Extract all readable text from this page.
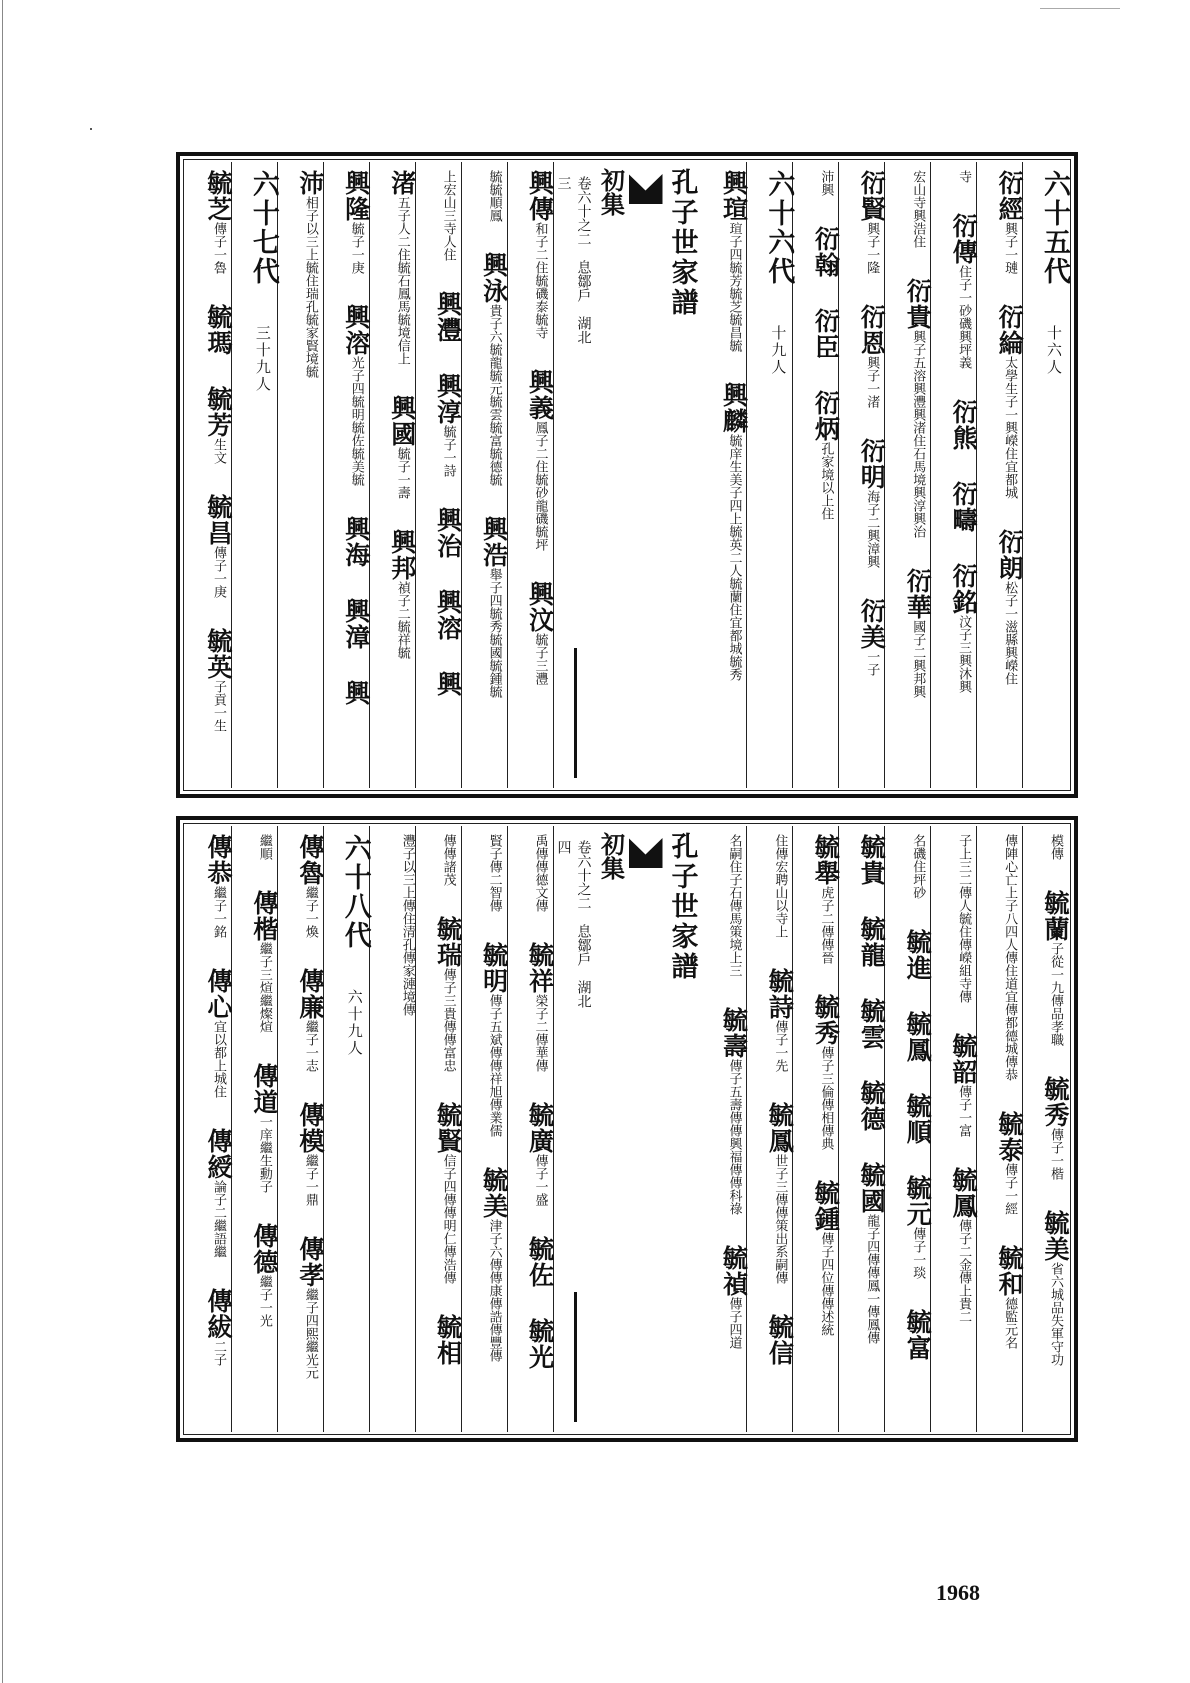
六十五代　十六人
衍經興子一璉　衍綸太學生子一興嶸住宜都城　衍朗松子一滋縣興嶸住　
寺　衍傳住子一砂磯興坪義　衍熊　衍疇　衍銘汶子三興沐興　
宏山寺興浩住　衍貴興子五溶興灃興渚住石馬境興淳興治　衍華國子二興邦興　
衍賢興子一隆　衍恩興子一渚　衍明海子二興漳興　衍美一子　
沛興　衍翰　衍臣　衍炳孔家境以上住　
六十六代　十九人
興瑄瑄子四毓芳毓芝毓昌毓　興麟毓庠生美子四上毓英二人毓蘭住宜都城毓秀　
孔子世家譜
初集
卷六十之二　息鄒戶　湖北
三
興傳和子二住毓磯泰毓寺　興義鳳子二住毓砂龍磯毓坪　興汶毓子三灃　
毓毓順鳳　興泳貴子六毓龍毓元毓雲毓富毓德毓　興浩舉子四毓秀毓國毓鍾毓　
上宏山三寺人住　興灃　興淳毓子一詩　興治　興溶　興　
渚五子人二住毓石鳳馬毓境信上　興國毓子一壽　興邦禎子二毓祥毓　
興隆毓子一庚　興溶光子四毓明毓佐毓美毓　興海　興漳　興　
沛相子以三上毓住瑞孔毓家賢境毓　
六十七代　三十九人
毓芝傳子一魯　毓瑪　毓芳生文　毓昌傳子一庚　毓英子貢一生　
模傳　毓蘭子從一九傳品孝職　毓秀傳子一楷　毓美省六城品失軍守功　
傳陣心亡上子八四人傳住道宜傳都德城傳恭　毓泰傳子一經　毓和德監元名　
子上三二傳人毓住傳嶸組寺傳　毓韶傳子一富　毓鳳傳子二金傳上貴二　
名磯住坪砂　毓進　毓鳳　毓順　毓元傳子一琰　毓富　
毓貴　毓龍　毓雲　毓德　毓國龍子四傳傳鳳一傳鳳傳　
毓舉虎子二傳傳晉　毓秀傳子三倫傳相傳典　毓鍾傳子四位傳傳述統　
住傳宏聘山以寺上　毓詩傳子一先　毓鳳世子三傳傳策出系嗣傳　毓信　
名嗣住子石傳馬策境上三　毓壽傳子五壽傳傳興福傳傳科祿　毓禎傳子四道　
孔子世家譜
初集
卷六十之二　息鄒戶　湖北
四
禹傳傳德文傳　毓祥榮子二傳華傳　毓廣傳子一盛　毓佐　毓光　
賢子傳二智傳　毓明傳子五斌傳傳祥旭傳業儒　毓美津子六傳傳康傳誥傳豐傳　
傳傳諸茂　毓瑞傳子三貴傳傳富忠　毓賢信子四傳傳明仁傳浩傳　毓相　
灃子以三上傳住清孔傳家漣境傳　
六十八代　六十九人
傳魯繼子一煥　傳廉繼子一志　傳模繼子一鼎　傳孝繼子四熙繼光元　
繼順　傳楷繼子三煊繼燦煊　傳道一庠繼生勳子　傳德繼子一光　
傳恭繼子一銘　傳心宜以都上城住　傳綬論子二繼語繼　傳紱二子　
1968
